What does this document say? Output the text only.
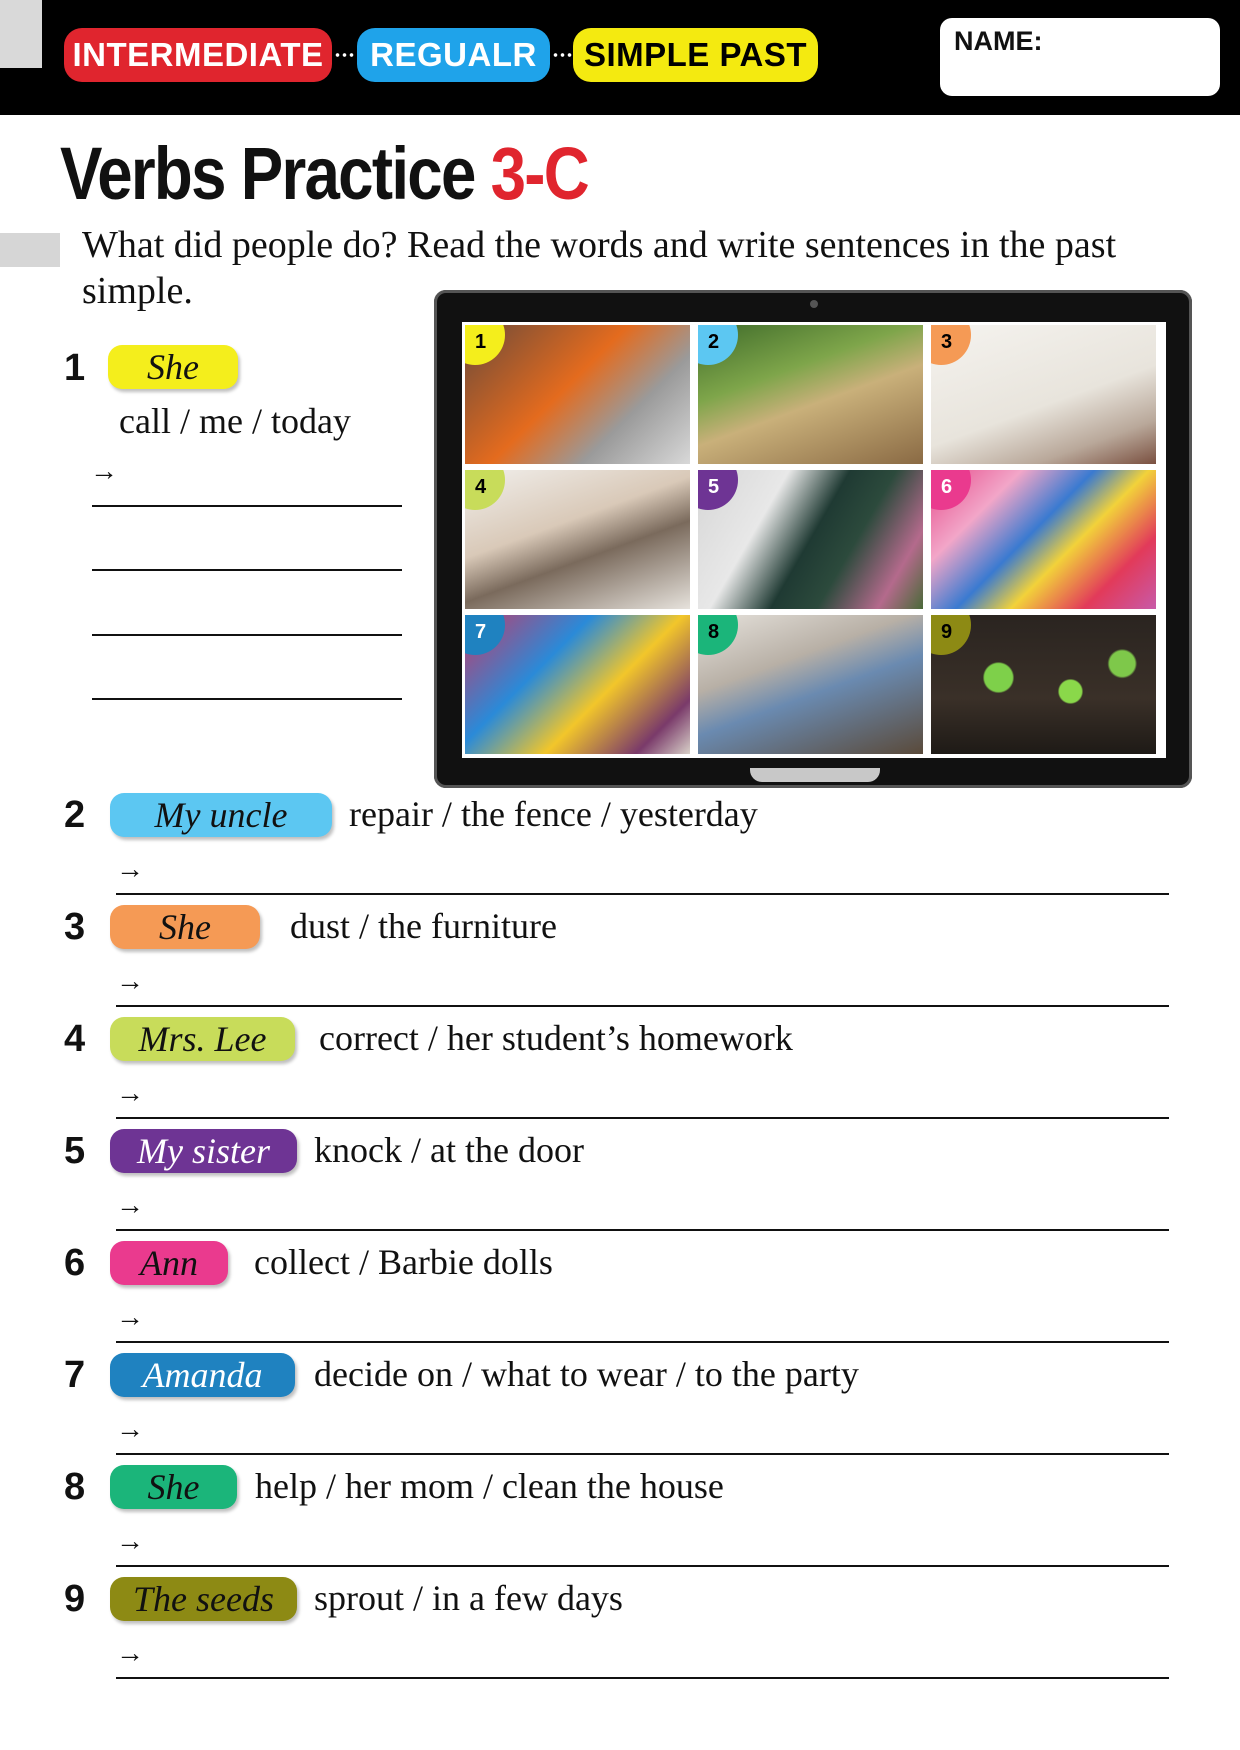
INTERMEDIATE	REGUALR	SIMPLE PAST	NAME:
Verbs Practice 3-C
What did people do? Read the words and write sentences in the past simple.
1	She
call / me / today
→
1	2	3
4	5	6
7	8	9
2	My uncle	repair / the fence / yesterday
→
3	She	dust / the furniture
→
4	Mrs. Lee	correct / her student’s homework
→
5	My sister	knock / at the door
→
6	Ann	collect / Barbie dolls
→
7	Amanda	decide on / what to wear / to the party
→
8	She	help / her mom / clean the house
→
9	The seeds	sprout / in a few days
→
